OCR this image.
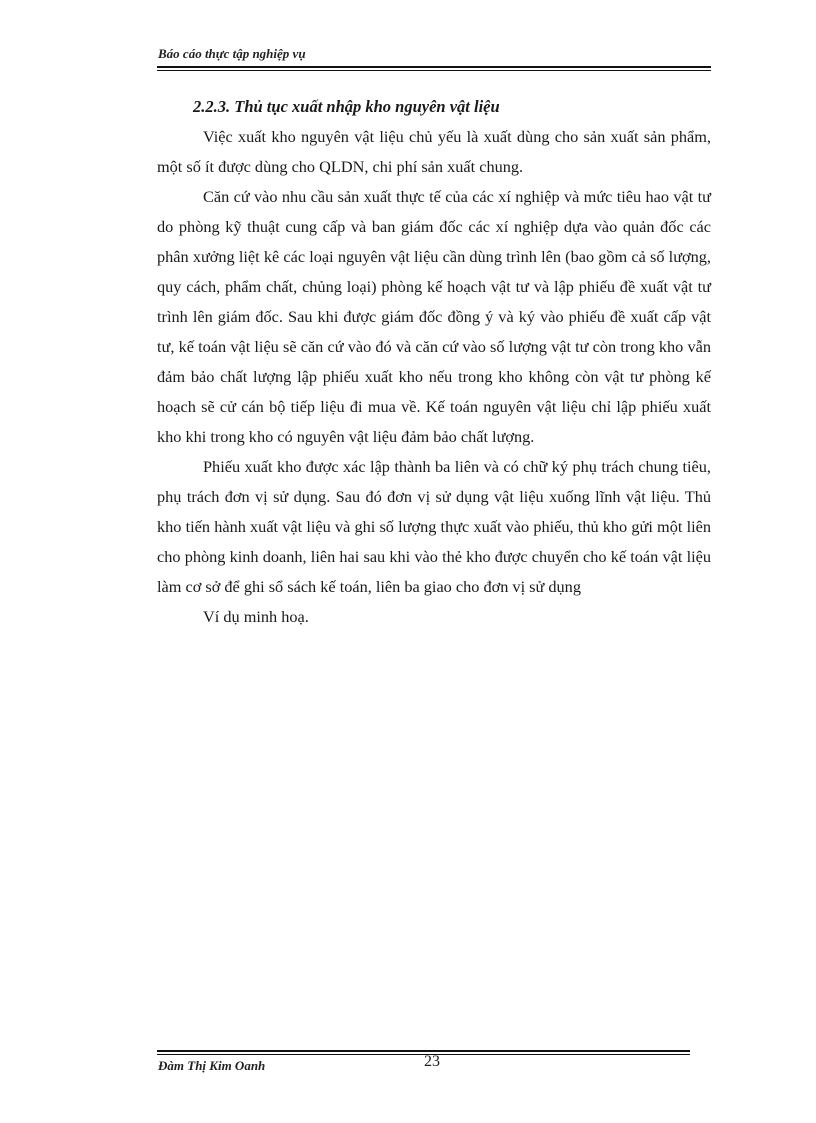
Báo cáo thực tập nghiệp vụ
2.2.3. Thủ tục xuất nhập kho nguyên vật liệu

Việc xuất kho nguyên vật liệu chủ yếu là xuất dùng cho sản xuất sản phẩm, một số ít được dùng cho QLDN, chi phí sản xuất chung.

Căn cứ vào nhu cầu sản xuất thực tế của các xí nghiệp và mức tiêu hao vật tư do phòng kỹ thuật cung cấp và ban giám đốc các xí nghiệp dựa vào quản đốc các phân xưởng liệt kê các loại nguyên vật liệu cần dùng trình lên (bao gồm cả số lượng, quy cách, phẩm chất, chủng loại) phòng kế hoạch vật tư và lập phiếu đề xuất vật tư trình lên giám đốc. Sau khi được giám đốc đồng ý và ký vào phiếu đề xuất cấp vật tư, kế toán vật liệu sẽ căn cứ vào đó và căn cứ vào số lượng vật tư còn trong kho vẫn đảm bảo chất lượng lập phiếu xuất kho nếu trong kho không còn vật tư phòng kế hoạch sẽ cử cán bộ tiếp liệu đi mua về. Kế toán nguyên vật liệu chỉ lập phiếu xuất kho khi trong kho có nguyên vật liệu đảm bảo chất lượng.

Phiếu xuất kho được xác lập thành ba liên và có chữ ký phụ trách chung tiêu, phụ trách đơn vị sử dụng. Sau đó đơn vị sử dụng vật liệu xuống lĩnh vật liệu. Thủ kho tiến hành xuất vật liệu và ghi số lượng thực xuất vào phiếu, thủ kho gửi một liên cho phòng kinh doanh, liên hai sau khi vào thẻ kho được chuyển cho kế toán vật liệu làm cơ sở để ghi sổ sách kế toán, liên ba giao cho đơn vị sử dụng

Ví dụ minh hoạ.

Đàm Thị Kim Oanh	23
